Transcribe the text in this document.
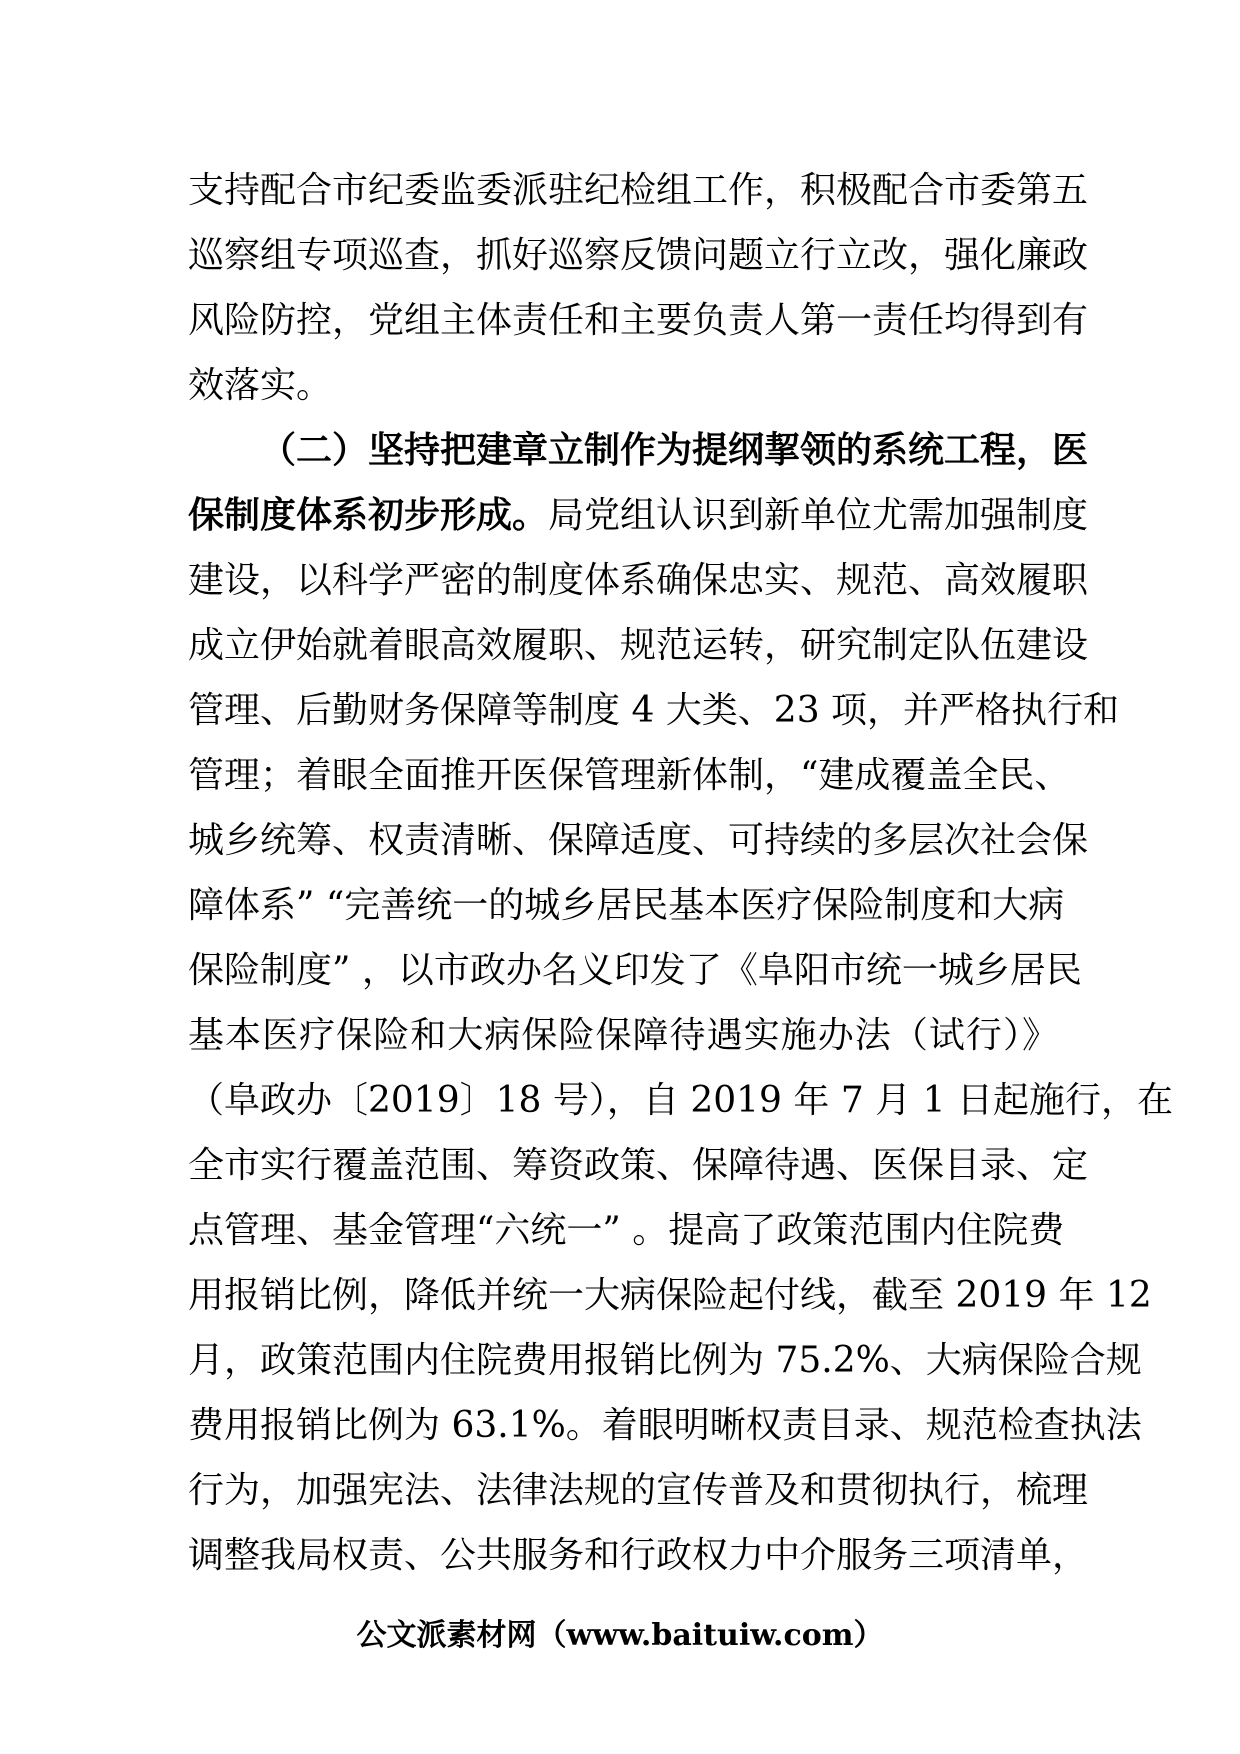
支持配合市纪委监委派驻纪检组工作，积极配合市委第五
巡察组专项巡查，抓好巡察反馈问题立行立改，强化廉政
风险防控，党组主体责任和主要负责人第一责任均得到有
效落实。
（二）坚持把建章立制作为提纲挈领的系统工程，医
保制度体系初步形成。局党组认识到新单位尤需加强制度
建设，以科学严密的制度体系确保忠实、规范、高效履职
成立伊始就着眼高效履职、规范运转，研究制定队伍建设
管理、后勤财务保障等制度 4 大类、23 项，并严格执行和
管理；着眼全面推开医保管理新体制，“建成覆盖全民、
城乡统筹、权责清晰、保障适度、可持续的多层次社会保
障体系” “完善统一的城乡居民基本医疗保险制度和大病
保险制度” ，以市政办名义印发了《阜阳市统一城乡居民
基本医疗保险和大病保险保障待遇实施办法（试行）》
（阜政办〔2019〕18 号），自 2019 年 7 月 1 日起施行，在
全市实行覆盖范围、筹资政策、保障待遇、医保目录、定
点管理、基金管理“六统一” 。提高了政策范围内住院费
用报销比例，降低并统一大病保险起付线，截至 2019 年 12
月，政策范围内住院费用报销比例为 75.2%、大病保险合规
费用报销比例为 63.1%。着眼明晰权责目录、规范检查执法
行为，加强宪法、法律法规的宣传普及和贯彻执行，梳理
调整我局权责、公共服务和行政权力中介服务三项清单，
公文派素材网（www.baituiw.com）
